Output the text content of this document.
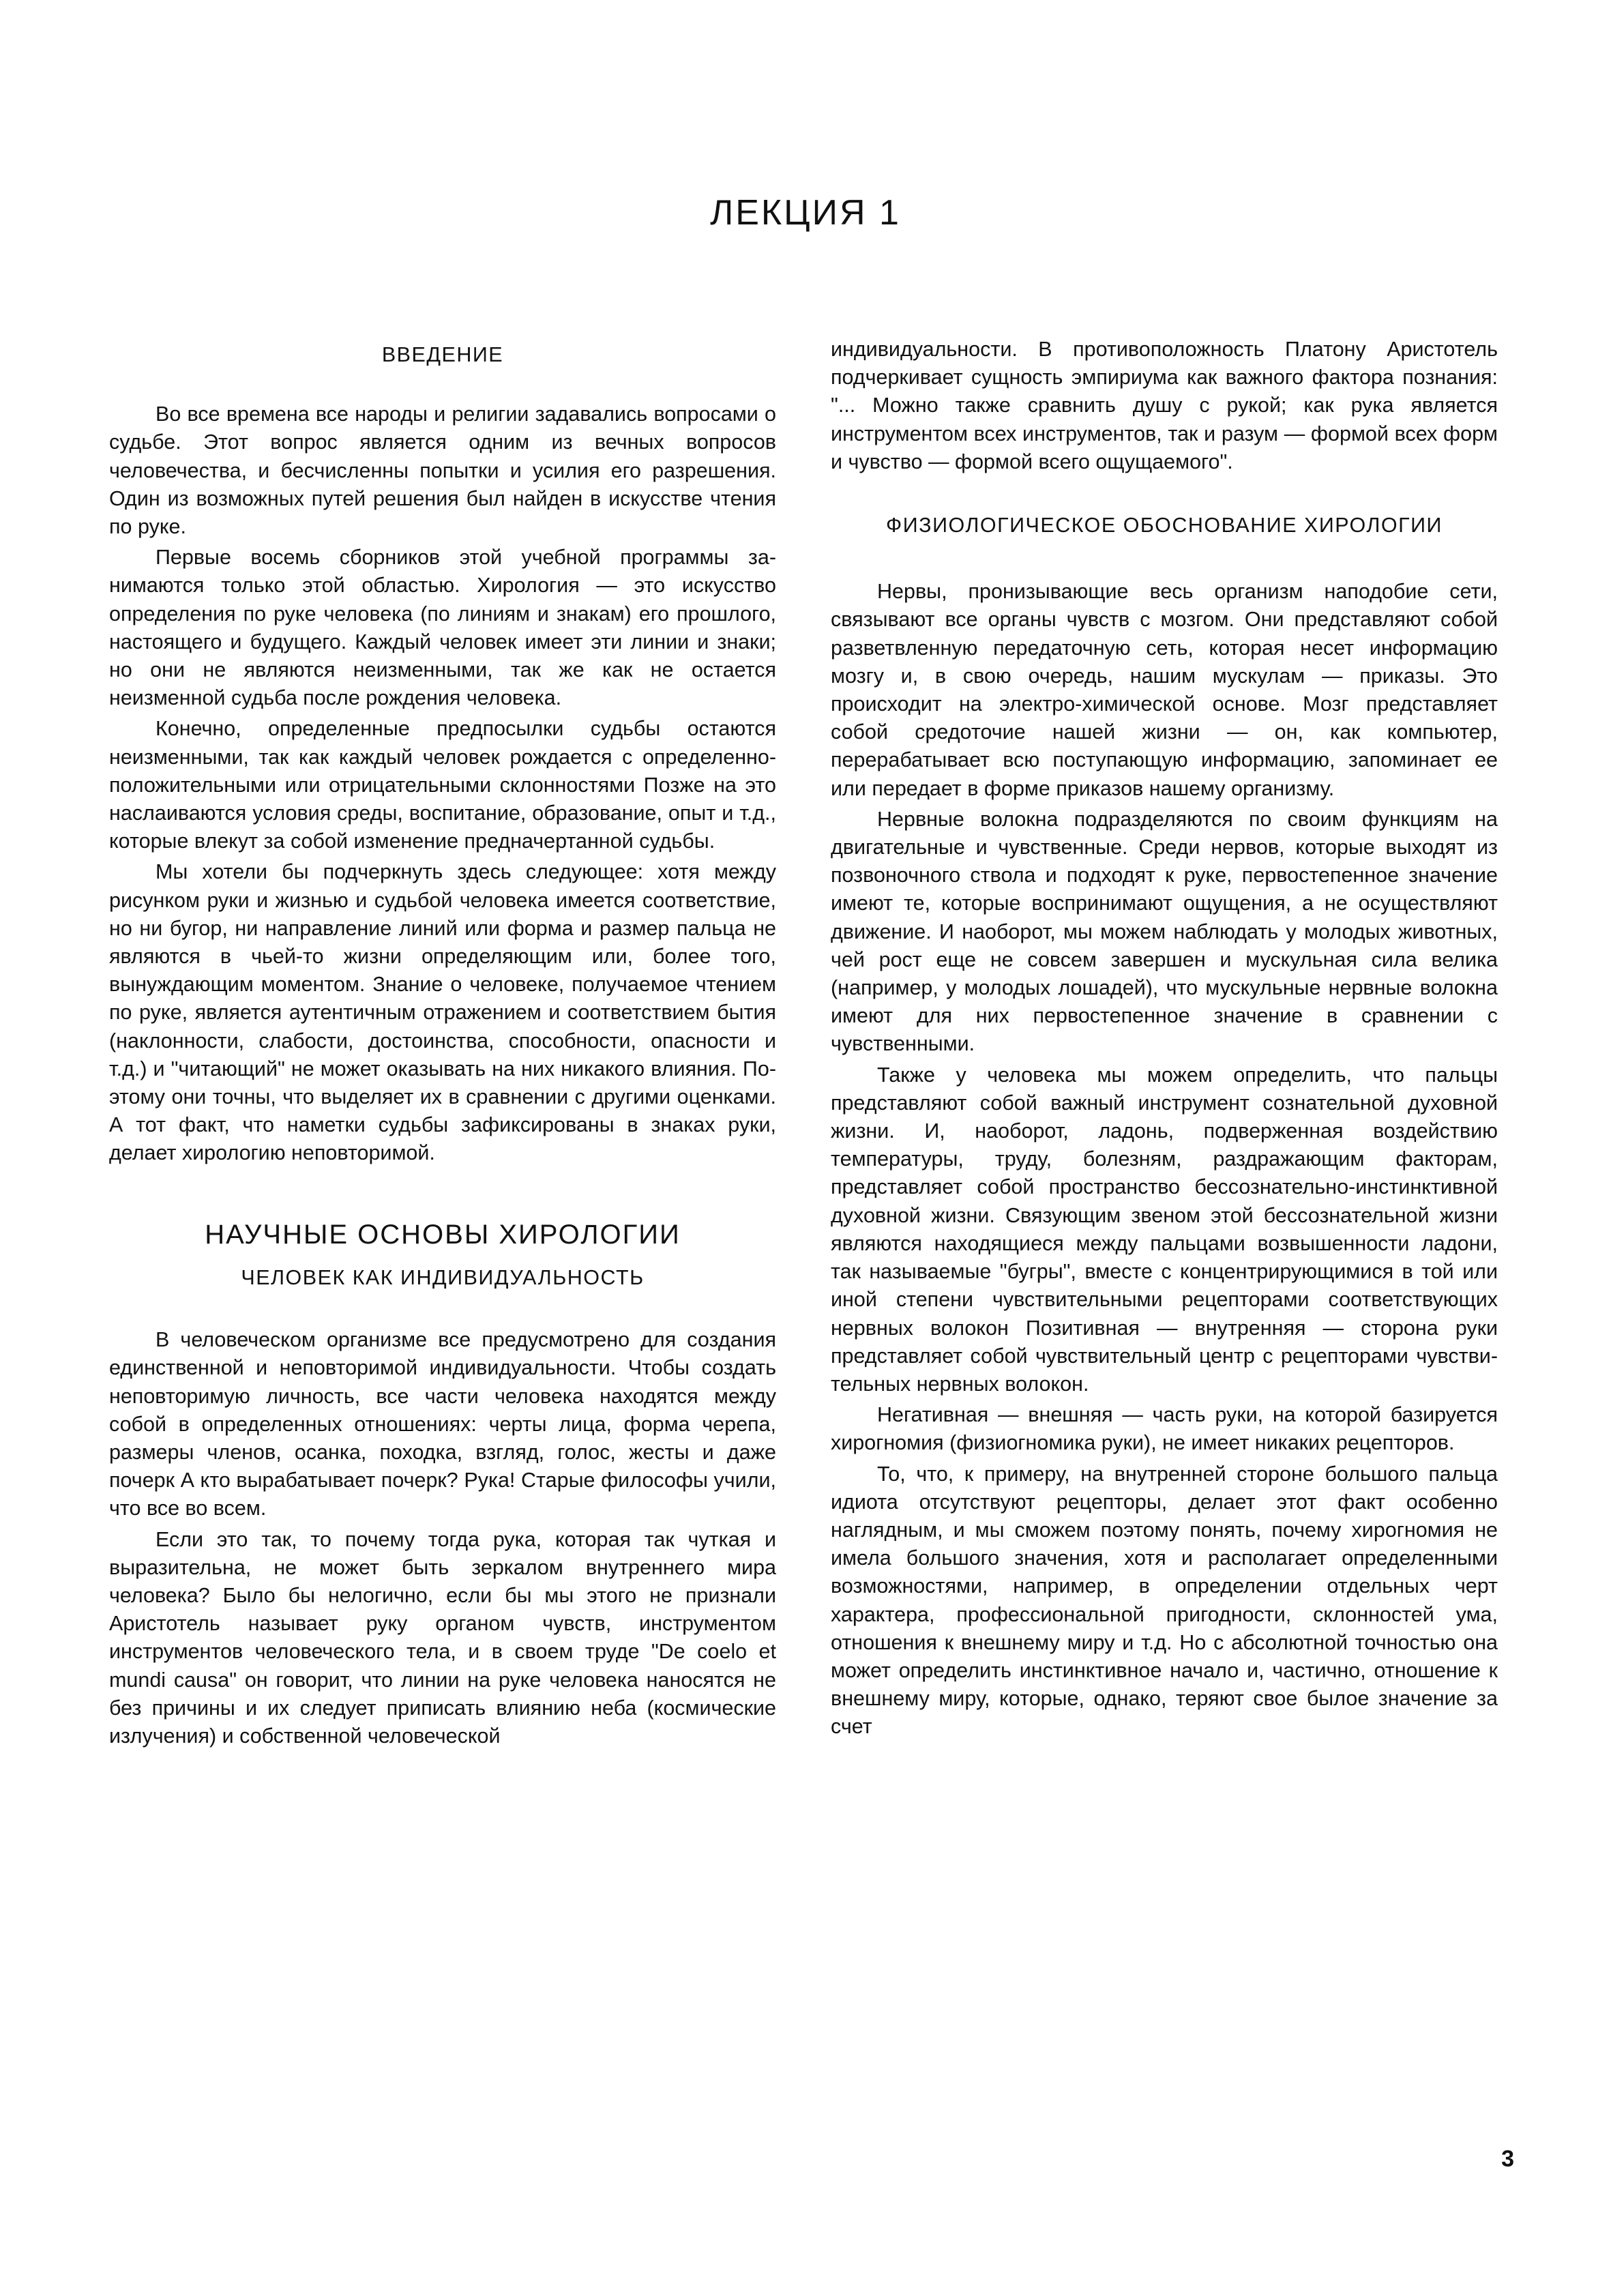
ЛЕКЦИЯ 1
ВВЕДЕНИЕ

Во все времена все народы и религии задавались вопросами о судьбе. Этот вопрос является одним из вечных вопросов человечества, и бесчисленны попытки и усилия его разрешения. Один из возможных путей решения был найден в искусстве чтения по руке.

Первые восемь сборников этой учебной программы занимаются только этой областью. Хирология — это искусство определения по руке человека (по линиям и знакам) его прошлого, настоящего и будущего. Каждый человек имеет эти линии и знаки; но они не являются неизменными, так же как не остается неизменной судьба после рождения человека.

Конечно, определенные предпосылки судьбы остаются неизменными, так как каждый человек рождается с определенно-положительными или отрицательными склонностями Позже на это наслаиваются условия среды, воспитание, образование, опыт и т.д., которые влекут за собой изменение предначертанной судьбы.

Мы хотели бы подчеркнуть здесь следующее: хотя между рисунком руки и жизнью и судьбой человека имеется соответствие, но ни бугор, ни направление линий или форма и размер пальца не являются в чьей-то жизни определяющим или, более того, вынуждающим моментом. Знание о человеке, получаемое чтением по руке, является аутентичным отражением и соответствием бытия (наклонности, слабости, достоинства, способности, опасности и т.д.) и "читающий" не может оказывать на них никакого влияния. Поэтому они точны, что выделяет их в сравнении с другими оценками. А тот факт, что наметки судьбы зафиксированы в знаках руки, делает хирологию неповторимой.

НАУЧНЫЕ ОСНОВЫ ХИРОЛОГИИ
ЧЕЛОВЕК КАК ИНДИВИДУАЛЬНОСТЬ

В человеческом организме все предусмотрено для создания единственной и неповторимой индивидуальности. Чтобы создать неповторимую личность, все части человека находятся между собой в определенных отношениях: черты лица, форма черепа, размеры членов, осанка, походка, взгляд, голос, жесты и даже почерк А кто вырабатывает почерк? Рука! Старые философы учили, что все во всем.

Если это так, то почему тогда рука, которая так чуткая и выразительна, не может быть зеркалом внутреннего мира человека? Было бы нелогично, если бы мы этого не признали Аристотель называет руку органом чувств, инструментом инструментов человеческого тела, и в своем труде "De coelo et mundi causa" он говорит, что линии на руке человека наносятся не без причины и их следует приписать влиянию неба (космические излучения) и собственной человеческой

индивидуальности. В противоположность Платону Аристотель подчеркивает сущность эмпириума как важного фактора познания: "... Можно также сравнить душу с рукой; как рука является инструментом всех инструментов, так и разум — формой всех форм и чувство — формой всего ощущаемого".

ФИЗИОЛОГИЧЕСКОЕ ОБОСНОВАНИЕ ХИРОЛОГИИ

Нервы, пронизывающие весь организм наподобие сети, связывают все органы чувств с мозгом. Они представляют собой разветвленную передаточную сеть, которая несет информацию мозгу и, в свою очередь, нашим мускулам — приказы. Это происходит на электро-химической основе. Мозг представляет собой средоточие нашей жизни — он, как компьютер, перерабатывает всю поступающую информацию, запоминает ее или передает в форме приказов нашему организму.

Нервные волокна подразделяются по своим функциям на двигательные и чувственные. Среди нервов, которые выходят из позвоночного ствола и подходят к руке, первостепенное значение имеют те, которые воспринимают ощущения, а не осуществляют движение. И наоборот, мы можем наблюдать у молодых животных, чей рост еще не совсем завершен и мускульная сила велика (например, у молодых лошадей), что мускульные нервные волокна имеют для них первостепенное значение в сравнении с чувственными.

Также у человека мы можем определить, что пальцы представляют собой важный инструмент сознательной духовной жизни. И, наоборот, ладонь, подверженная воздействию температуры, труду, болезням, раздражающим факторам, представляет собой пространство бессознательно-инстинктивной духовной жизни. Связующим звеном этой бессознательной жизни являются находящиеся между пальцами возвышенности ладони, так называемые "бугры", вместе с концентрирующимися в той или иной степени чувствительными рецепторами соответствующих нервных волокон Позитивная — внутренняя — сторона руки представляет собой чувствительный центр с рецепторами чувствительных нервных волокон.

Негативная — внешняя — часть руки, на которой базируется хирогномия (физиогномика руки), не имеет никаких рецепторов.

То, что, к примеру, на внутренней стороне большого пальца идиота отсутствуют рецепторы, делает этот факт особенно наглядным, и мы сможем поэтому понять, почему хирогномия не имела большого значения, хотя и располагает определенными возможностями, например, в определении отдельных черт характера, профессиональной пригодности, склонностей ума, отношения к внешнему миру и т.д. Но с абсолютной точностью она может определить инстинктивное начало и, частично, отношение к внешнему миру, которые, однако, теряют свое былое значение за счет

3
